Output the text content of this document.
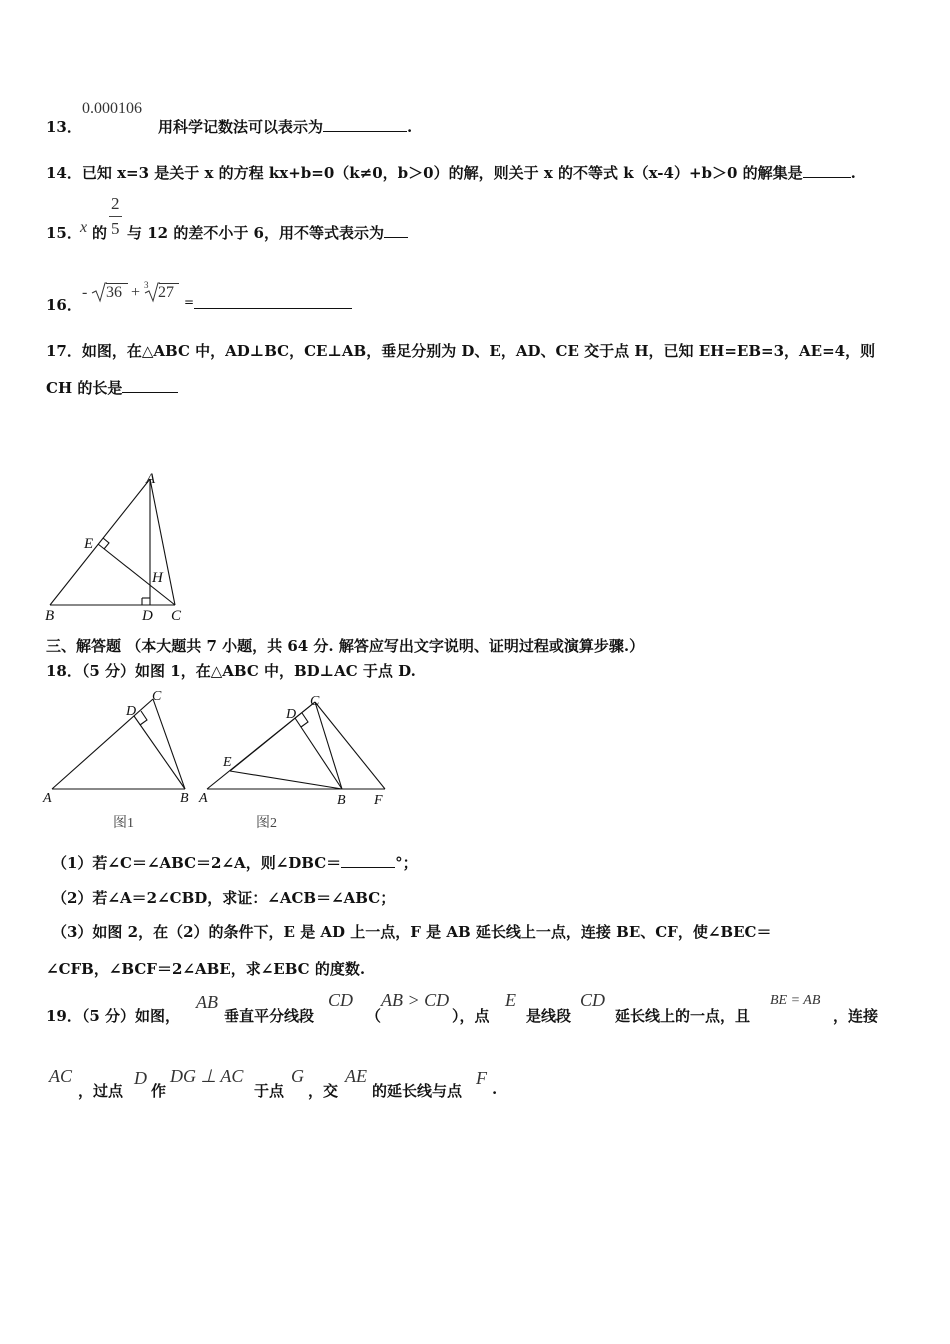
13．
0.000106
用科学记数法可以表示为	.
14．已知 x=3 是关于 x 的方程 kx+b=0（k≠0，b＞0）的解，则关于 x 的不等式 k（x-4）+b＞0 的解集是	.
15．
x 的
2
5 与 12 的差不小于 6，用不等式表示为
16．
- 36 + 3 27
=
17．如图，在△ABC 中，AD⊥BC，CE⊥AB，垂足分别为 D、E，AD、CE 交于点 H，已知 EH=EB=3，AE=4，则
CH 的长是
A
E
H
B	D C
三、解答题 （本大题共 7 小题，共 64 分. 解答应写出文字说明、证明过程或演算步骤.）
18．（5 分）如图 1，在△ABC 中，BD⊥AC 于点 D.
A	B
C
D
A	B
C
D
E
F
图1	图2
（1）若∠C＝∠ABC＝2∠A，则∠DBC＝	°；
（2）若∠A＝2∠CBD，求证：∠ACB＝∠ABC；
（3）如图 2，在（2）的条件下，E 是 AD 上一点，F 是 AB 延长线上一点，连接 BE、CF，使∠BEC＝
∠CFB，∠BCF＝2∠ABE，求∠EBC 的度数.
19．（5 分）如图，
AB
垂直平分线段
CD
（
AB > CD
），点
E
是线段
CD
延长线上的一点，且
BE = AB
，连接
AC
，过点
D
作
DG ⊥ AC
于点
G
，交
AE
的延长线与点
F
.
